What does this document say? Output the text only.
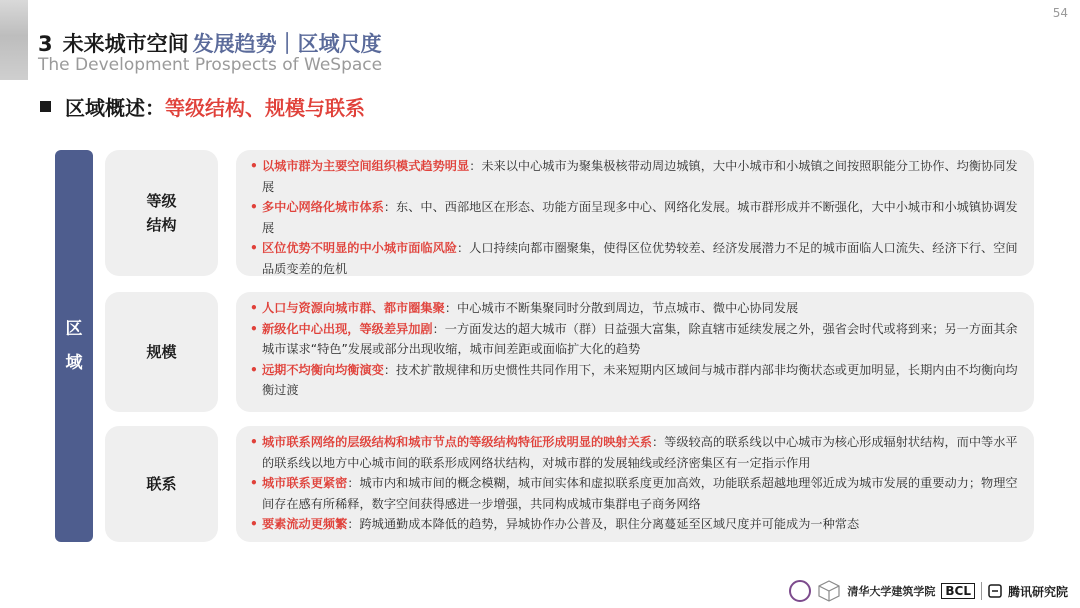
54
3 未来城市空间 发展趋势｜区域尺度
The Development Prospects of WeSpace
区域概述：等级结构、规模与联系
区
域
等级结构

• 以城市群为主要空间组织模式趋势明显：未来以中心城市为聚集极核带动周边城镇，大中小城市和小城镇之间按照职能分工协作、均衡协同发展

• 多中心网络化城市体系：东、中、西部地区在形态、功能方面呈现多中心、网络化发展。城市群形成并不断强化，大中小城市和小城镇协调发展

• 区位优势不明显的中小城市面临风险：人口持续向都市圈聚集，使得区位优势较差、经济发展潜力不足的城市面临人口流失、经济下行、空间品质变差的危机

规模

• 人口与资源向城市群、都市圈集聚：中心城市不断集聚同时分散到周边，节点城市、微中心协同发展

• 新级化中心出现，等级差异加剧：一方面发达的超大城市（群）日益强大富集，除直辖市延续发展之外，强省会时代或将到来；另一方面其余城市谋求“特色”发展或部分出现收缩，城市间差距或面临扩大化的趋势

• 远期不均衡向均衡演变：技术扩散规律和历史惯性共同作用下，未来短期内区域间与城市群内部非均衡状态或更加明显，长期内由不均衡向均衡过渡

联系

• 城市联系网络的层级结构和城市节点的等级结构特征形成明显的映射关系：等级较高的联系线以中心城市为核心形成辐射状结构，而中等水平的联系线以地方中心城市间的联系形成网络状结构，对城市群的发展轴线或经济密集区有一定指示作用

• 城市联系更紧密：城市内和城市间的概念模糊，城市间实体和虚拟联系度更加高效，功能联系超越地理邻近成为城市发展的重要动力；物理空间存在感有所稀释，数字空间获得感进一步增强，共同构成城市集群电子商务网络

• 要素流动更频繁：跨城通勤成本降低的趋势，异城协作办公普及，职住分离蔓延至区域尺度并可能成为一种常态

清华大学建筑学院 BCL	腾讯研究院
